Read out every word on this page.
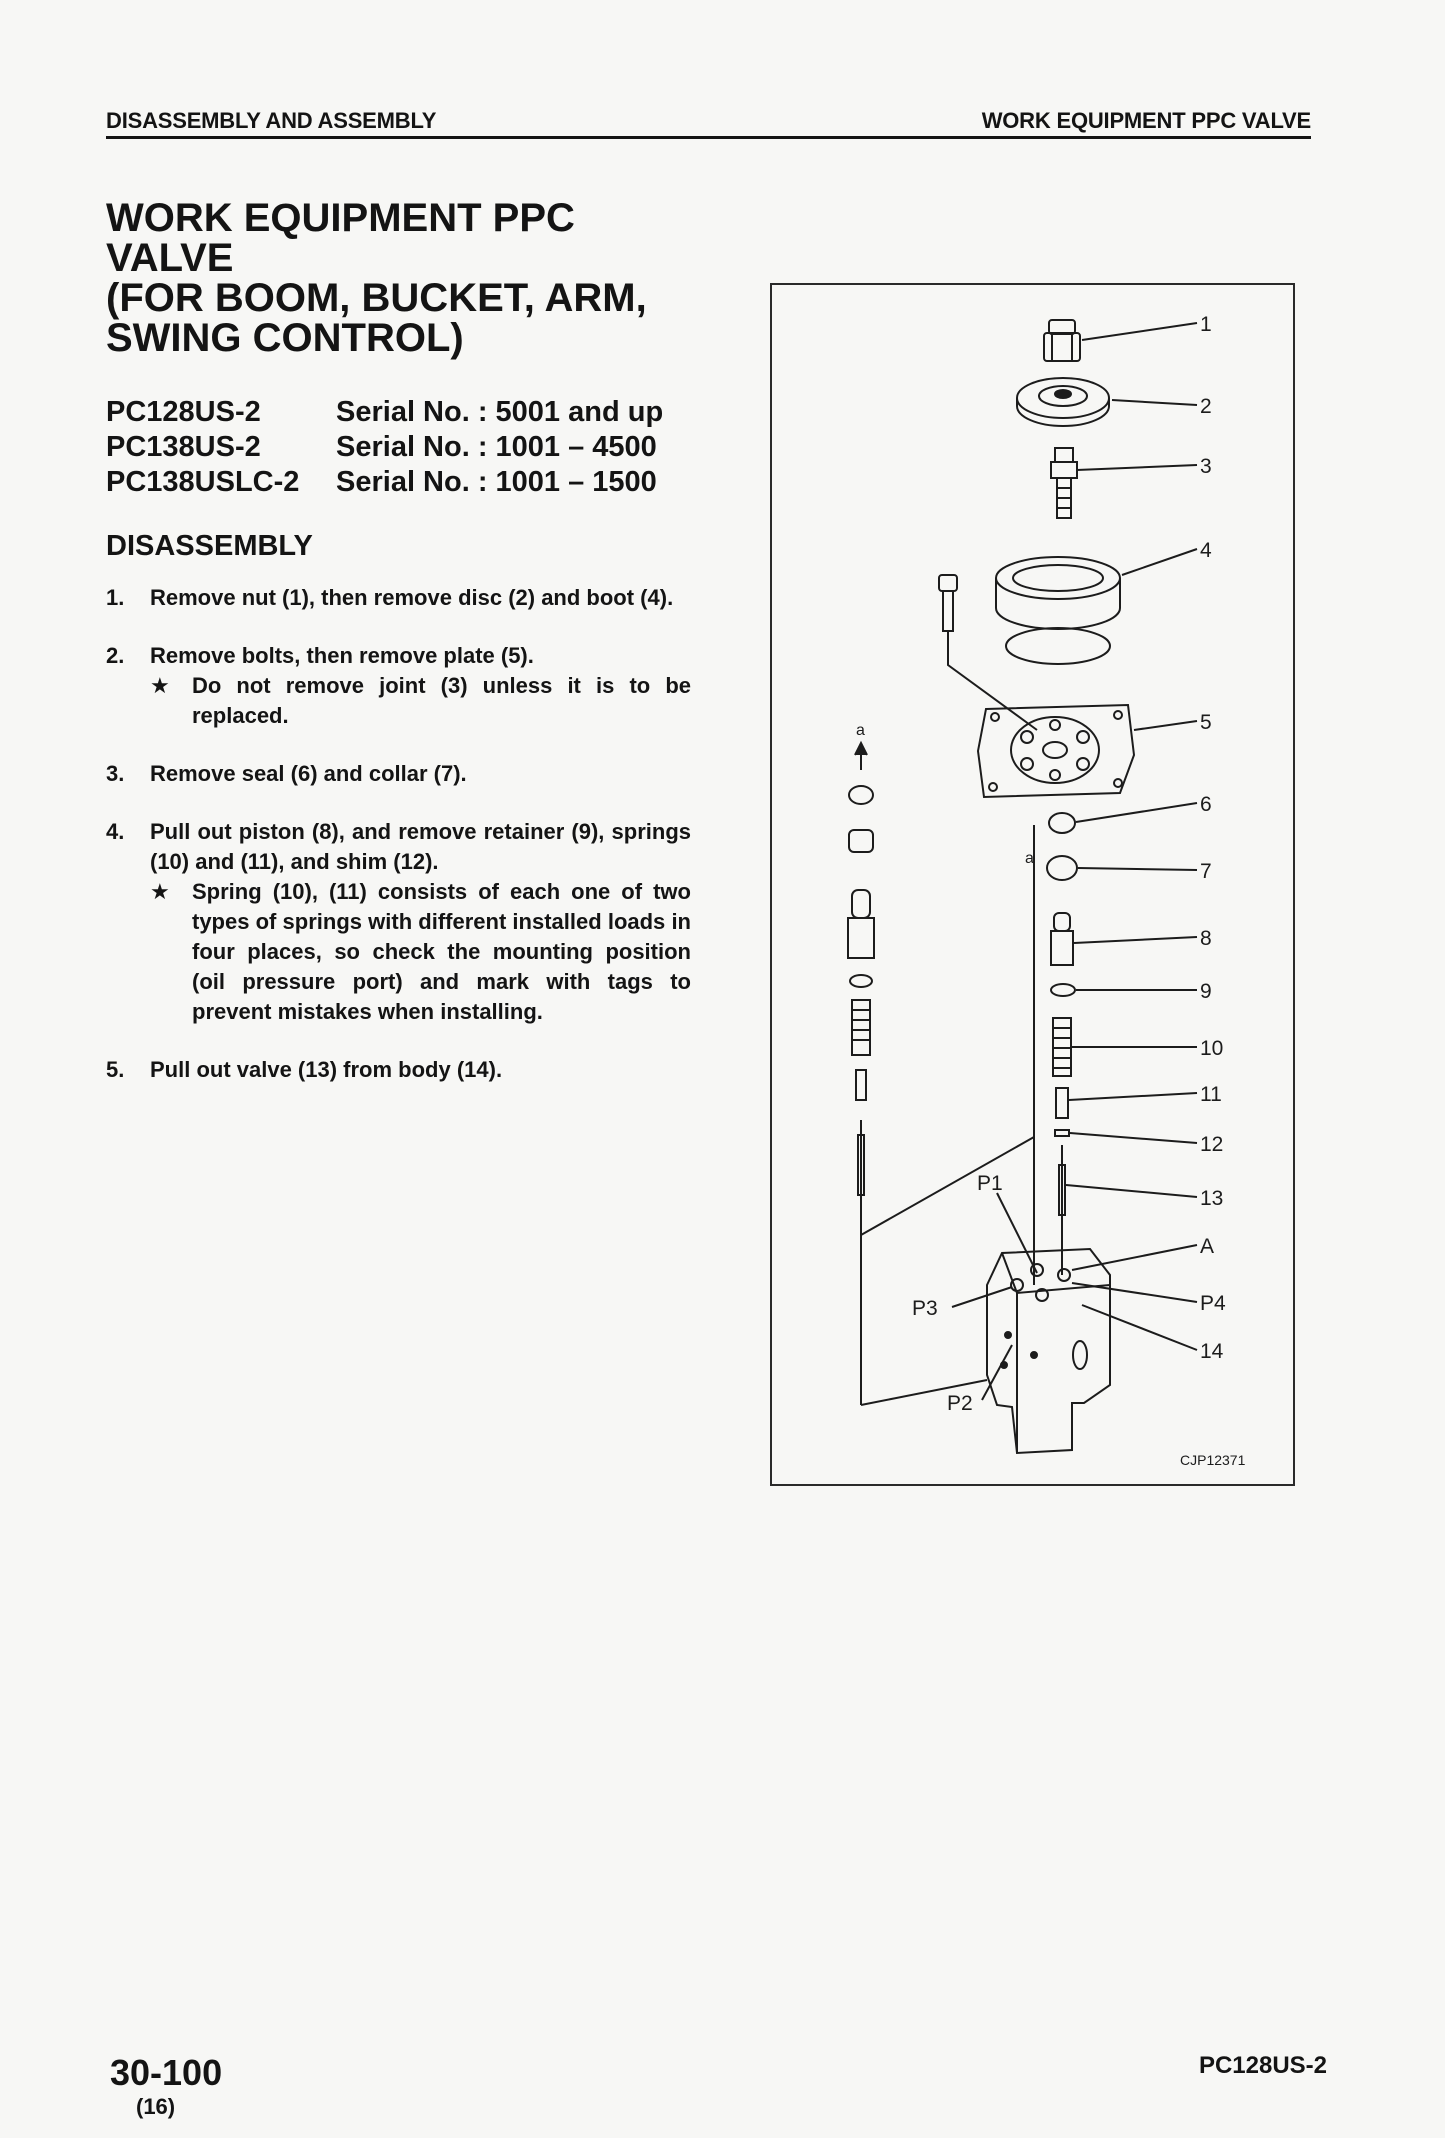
DISASSEMBLY AND ASSEMBLY	WORK EQUIPMENT PPC VALVE
WORK EQUIPMENT PPC
VALVE
(FOR BOOM, BUCKET, ARM,
SWING CONTROL)
PC128US-2	Serial No. : 5001 and up
PC138US-2	Serial No. : 1001 – 4500
PC138USLC-2	Serial No. : 1001 – 1500
DISASSEMBLY
1.	Remove nut (1), then remove disc (2) and boot (4).
2.	Remove bolts, then remove plate (5).
★	Do not remove joint (3) unless it is to be replaced.
3.	Remove seal (6) and collar (7).
4.	Pull out piston (8), and remove retainer (9), springs (10) and (11), and shim (12).
★	Spring (10), (11) consists of each one of two types of springs with different installed loads in four places, so check the mounting position (oil pressure port) and mark with tags to prevent mistakes when installing.
5.	Pull out valve (13) from body (14).
1
2
3
4
5
6
7
8
9
10
11
12
13
A
P4
14
P1
P3
P2
a
a
CJP12371
30-100
(16)
PC128US-2
